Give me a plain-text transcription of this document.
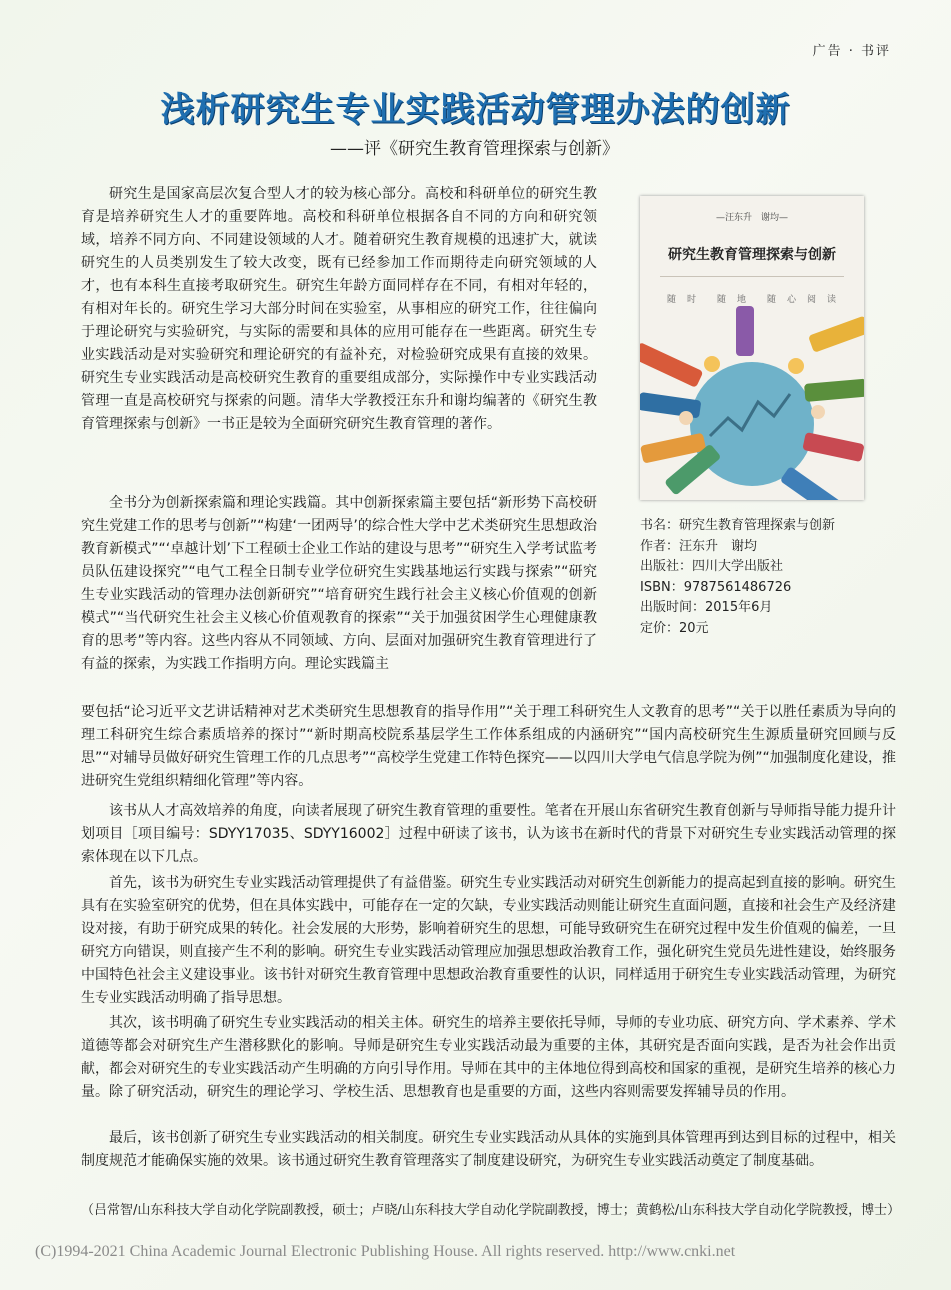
广告 · 书评
浅析研究生专业实践活动管理办法的创新
——评《研究生教育管理探索与创新》

研究生是国家高层次复合型人才的较为核心部分。高校和科研单位的研究生教育是培养研究生人才的重要阵地。高校和科研单位根据各自不同的方向和研究领域，培养不同方向、不同建设领域的人才。随着研究生教育规模的迅速扩大，就读研究生的人员类别发生了较大改变，既有已经参加工作而期待走向研究领域的人才，也有本科生直接考取研究生。研究生年龄方面同样存在不同，有相对年轻的，有相对年长的。研究生学习大部分时间在实验室，从事相应的研究工作，往往偏向于理论研究与实验研究，与实际的需要和具体的应用可能存在一些距离。研究生专业实践活动是对实验研究和理论研究的有益补充，对检验研究成果有直接的效果。研究生专业实践活动是高校研究生教育的重要组成部分，实际操作中专业实践活动管理一直是高校研究与探索的问题。清华大学教授汪东升和谢均编著的《研究生教育管理探索与创新》一书正是较为全面研究研究生教育管理的著作。

全书分为创新探索篇和理论实践篇。其中创新探索篇主要包括“新形势下高校研究生党建工作的思考与创新”“构建‘一团两导’的综合性大学中艺术类研究生思想政治教育新模式”“‘卓越计划’下工程硕士企业工作站的建设与思考”“研究生入学考试监考员队伍建设探究”“电气工程全日制专业学位研究生实践基地运行实践与探索”“研究生专业实践活动的管理办法创新研究”“培育研究生践行社会主义核心价值观的创新模式”“当代研究生社会主义核心价值观教育的探索”“关于加强贫困学生心理健康教育的思考”等内容。这些内容从不同领域、方向、层面对加强研究生教育管理进行了有益的探索，为实践工作指明方向。理论实践篇主

要包括“论习近平文艺讲话精神对艺术类研究生思想教育的指导作用”“关于理工科研究生人文教育的思考”“关于以胜任素质为导向的理工科研究生综合素质培养的探讨”“新时期高校院系基层学生工作体系组成的内涵研究”“国内高校研究生生源质量研究回顾与反思”“对辅导员做好研究生管理工作的几点思考”“高校学生党建工作特色探究——以四川大学电气信息学院为例”“加强制度化建设，推进研究生党组织精细化管理”等内容。

该书从人才高效培养的角度，向读者展现了研究生教育管理的重要性。笔者在开展山东省研究生教育创新与导师指导能力提升计划项目［项目编号：SDYY17035、SDYY16002］过程中研读了该书，认为该书在新时代的背景下对研究生专业实践活动管理的探索体现在以下几点。

首先，该书为研究生专业实践活动管理提供了有益借鉴。研究生专业实践活动对研究生创新能力的提高起到直接的影响。研究生具有在实验室研究的优势，但在具体实践中，可能存在一定的欠缺，专业实践活动则能让研究生直面问题，直接和社会生产及经济建设对接，有助于研究成果的转化。社会发展的大形势，影响着研究生的思想，可能导致研究生在研究过程中发生价值观的偏差，一旦研究方向错误，则直接产生不利的影响。研究生专业实践活动管理应加强思想政治教育工作，强化研究生党员先进性建设，始终服务中国特色社会主义建设事业。该书针对研究生教育管理中思想政治教育重要性的认识，同样适用于研究生专业实践活动管理，为研究生专业实践活动明确了指导思想。

其次，该书明确了研究生专业实践活动的相关主体。研究生的培养主要依托导师，导师的专业功底、研究方向、学术素养、学术道德等都会对研究生产生潜移默化的影响。导师是研究生专业实践活动最为重要的主体，其研究是否面向实践，是否为社会作出贡献，都会对研究生的专业实践活动产生明确的方向引导作用。导师在其中的主体地位得到高校和国家的重视，是研究生培养的核心力量。除了研究活动，研究生的理论学习、学校生活、思想教育也是重要的方面，这些内容则需要发挥辅导员的作用。

最后，该书创新了研究生专业实践活动的相关制度。研究生专业实践活动从具体的实施到具体管理再到达到目标的过程中，相关制度规范才能确保实施的效果。该书通过研究生教育管理落实了制度建设研究，为研究生专业实践活动奠定了制度基础。

（吕常智/山东科技大学自动化学院副教授，硕士；卢晓/山东科技大学自动化学院副教授，博士；黄鹤松/山东科技大学自动化学院教授，博士）

—汪东升　谢均—
研究生教育管理探索与创新
随　时　　随　地　　随　心　阅　读
书名：研究生教育管理探索与创新
作者：汪东升　谢均
出版社：四川大学出版社
ISBN：9787561486726
出版时间：2015年6月
定价：20元
(C)1994-2021 China Academic Journal Electronic Publishing House. All rights reserved. http://www.cnki.net
